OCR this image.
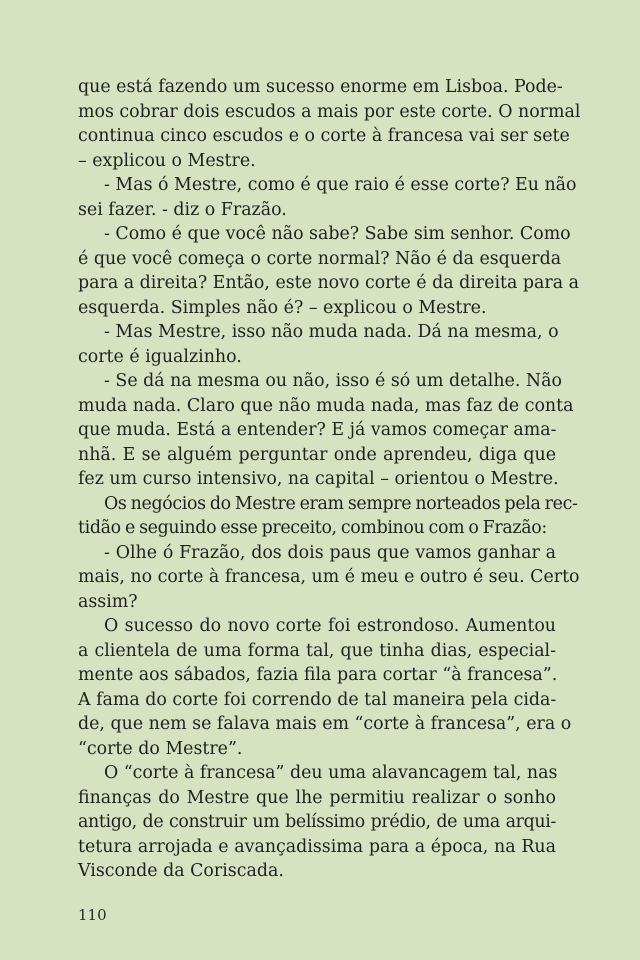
que está fazendo um sucesso enorme em Lisboa. Pode-
mos cobrar dois escudos a mais por este corte. O normal
continua cinco escudos e o corte à francesa vai ser sete
– explicou o Mestre.
- Mas ó Mestre, como é que raio é esse corte? Eu não
sei fazer. - diz o Frazão.
- Como é que você não sabe? Sabe sim senhor. Como
é que você começa o corte normal? Não é da esquerda
para a direita? Então, este novo corte é da direita para a
esquerda. Simples não é? – explicou o Mestre.
- Mas Mestre, isso não muda nada. Dá na mesma, o
corte é igualzinho.
- Se dá na mesma ou não, isso é só um detalhe. Não
muda nada. Claro que não muda nada, mas faz de conta
que muda. Está a entender? E já vamos começar ama-
nhã. E se alguém perguntar onde aprendeu, diga que
fez um curso intensivo, na capital – orientou o Mestre.
Os negócios do Mestre eram sempre norteados pela rec-
tidão e seguindo esse preceito, combinou com o Frazão:
- Olhe ó Frazão, dos dois paus que vamos ganhar a
mais, no corte à francesa, um é meu e outro é seu. Certo
assim?
O sucesso do novo corte foi estrondoso. Aumentou
a clientela de uma forma tal, que tinha dias, especial-
mente aos sábados, fazia fila para cortar “à francesa”.
A fama do corte foi correndo de tal maneira pela cida-
de, que nem se falava mais em “corte à francesa”, era o
“corte do Mestre”.
O “corte à francesa” deu uma alavancagem tal, nas
finanças do Mestre que lhe permitiu realizar o sonho
antigo, de construir um belíssimo prédio, de uma arqui-
tetura arrojada e avançadissima para a época, na Rua
Visconde da Coriscada.
110
